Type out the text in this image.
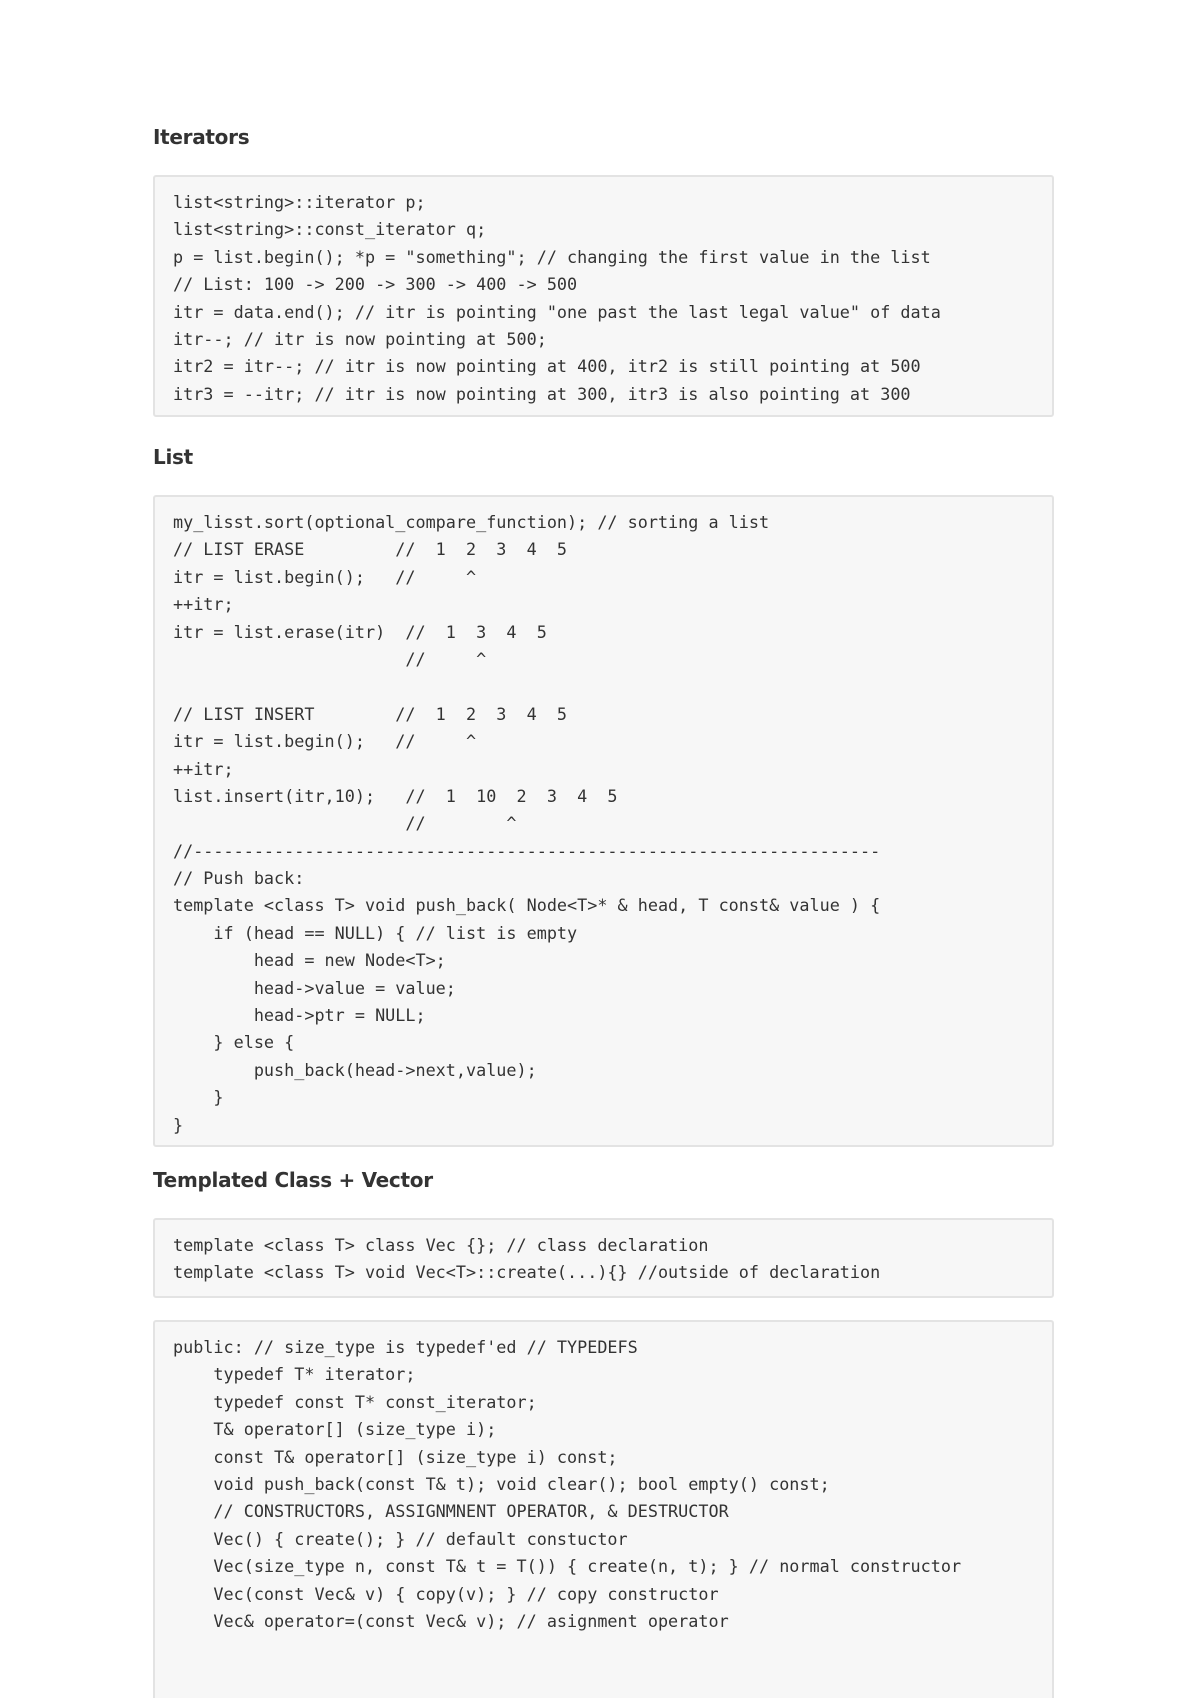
Iterators
list<string>::iterator p;
list<string>::const_iterator q;
p = list.begin(); *p = "something"; // changing the first value in the list
// List: 100 -> 200 -> 300 -> 400 -> 500
itr = data.end(); // itr is pointing "one past the last legal value" of data
itr--; // itr is now pointing at 500;
itr2 = itr--; // itr is now pointing at 400, itr2 is still pointing at 500
itr3 = --itr; // itr is now pointing at 300, itr3 is also pointing at 300
List
my_lisst.sort(optional_compare_function); // sorting a list
// LIST ERASE         //  1  2  3  4  5
itr = list.begin();   //     ^
++itr;
itr = list.erase(itr)  //  1  3  4  5
//     ^
// LIST INSERT        //  1  2  3  4  5
itr = list.begin();   //     ^
++itr;
list.insert(itr,10);   //  1  10  2  3  4  5
//        ^
//--------------------------------------------------------------------
// Push back:
template <class T> void push_back( Node<T>* & head, T const& value ) {
if (head == NULL) { // list is empty
head = new Node<T>;
head->value = value;
head->ptr = NULL;
} else {
push_back(head->next,value);
}
}
Templated Class + Vector
template <class T> class Vec {}; // class declaration
template <class T> void Vec<T>::create(...){} //outside of declaration
public: // size_type is typedef'ed // TYPEDEFS
typedef T* iterator;
typedef const T* const_iterator;
T& operator[] (size_type i);
const T& operator[] (size_type i) const;
void push_back(const T& t); void clear(); bool empty() const;
// CONSTRUCTORS, ASSIGNMNENT OPERATOR, & DESTRUCTOR
Vec() { create(); } // default constuctor
Vec(size_type n, const T& t = T()) { create(n, t); } // normal constructor
Vec(const Vec& v) { copy(v); } // copy constructor
Vec& operator=(const Vec& v); // asignment operator
